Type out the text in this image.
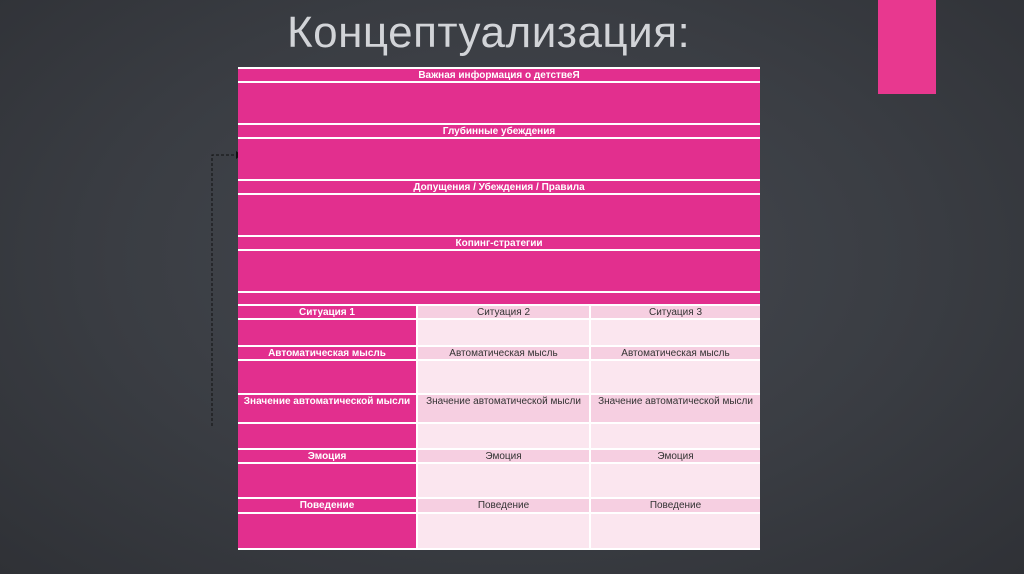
Концептуализация:
Важная информация о детствеЯ
Глубинные убеждения
Допущения / Убеждения / Правила
Копинг-стратегии
Ситуация 1	Ситуация 2	Ситуация 3
Автоматическая мысль	Автоматическая мысль	Автоматическая мысль
Значение автоматической мысли	Значение автоматической мысли	Значение автоматической мысли
Эмоция	Эмоция	Эмоция
Поведение	Поведение	Поведение
